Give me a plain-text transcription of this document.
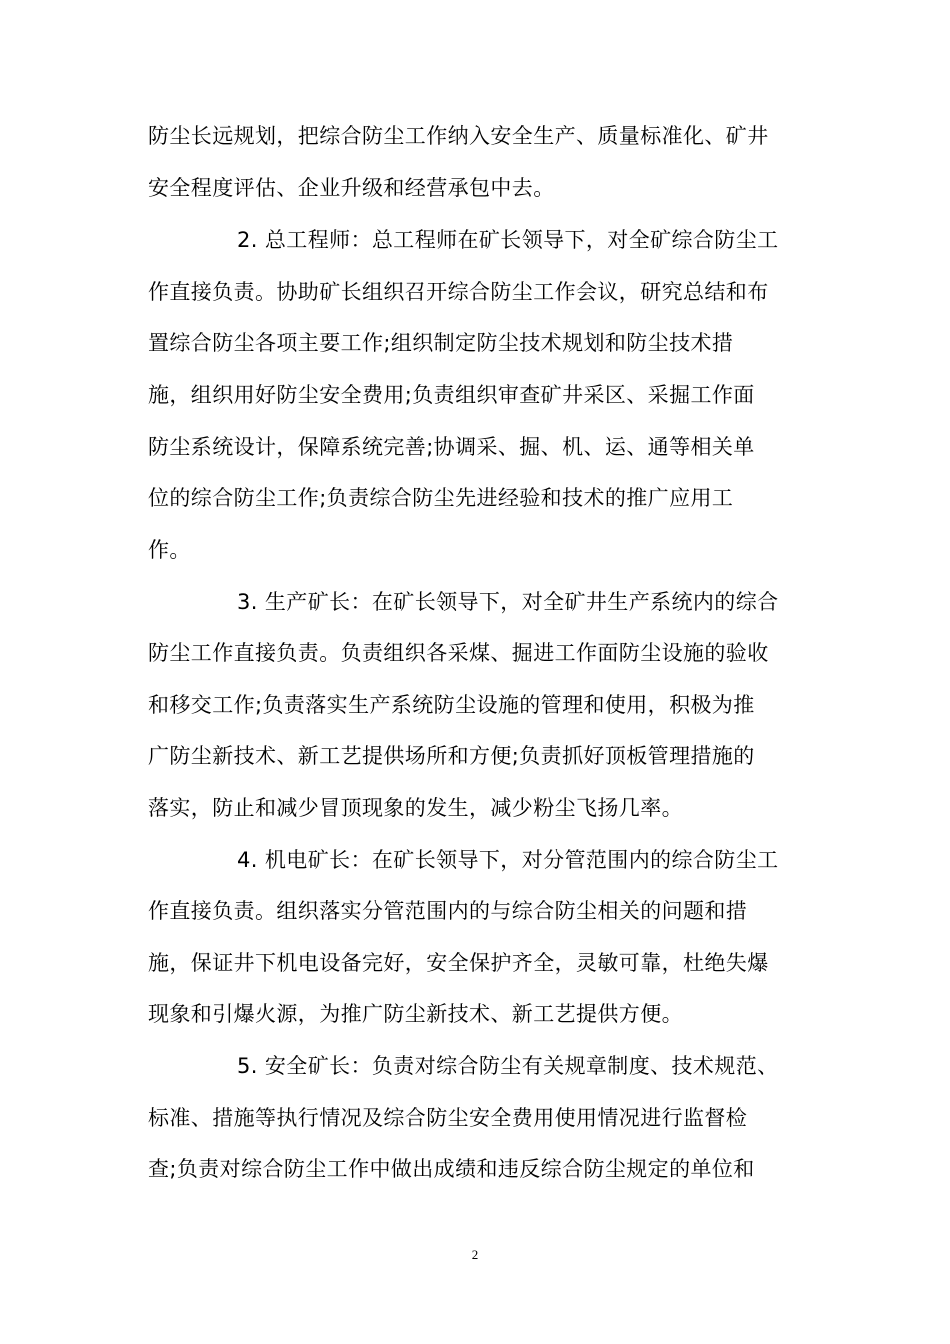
防尘长远规划，把综合防尘工作纳入安全生产、质量标准化、矿井
安全程度评估、企业升级和经营承包中去。
2. 总工程师：总工程师在矿长领导下，对全矿综合防尘工
作直接负责。协助矿长组织召开综合防尘工作会议，研究总结和布
置综合防尘各项主要工作;组织制定防尘技术规划和防尘技术措
施，组织用好防尘安全费用;负责组织审查矿井采区、采掘工作面
防尘系统设计，保障系统完善;协调采、掘、机、运、通等相关单
位的综合防尘工作;负责综合防尘先进经验和技术的推广应用工
作。
3. 生产矿长：在矿长领导下，对全矿井生产系统内的综合
防尘工作直接负责。负责组织各采煤、掘进工作面防尘设施的验收
和移交工作;负责落实生产系统防尘设施的管理和使用，积极为推
广防尘新技术、新工艺提供场所和方便;负责抓好顶板管理措施的
落实，防止和减少冒顶现象的发生，减少粉尘飞扬几率。
4. 机电矿长：在矿长领导下，对分管范围内的综合防尘工
作直接负责。组织落实分管范围内的与综合防尘相关的问题和措
施，保证井下机电设备完好，安全保护齐全，灵敏可靠，杜绝失爆
现象和引爆火源，为推广防尘新技术、新工艺提供方便。
5. 安全矿长：负责对综合防尘有关规章制度、技术规范、
标准、措施等执行情况及综合防尘安全费用使用情况进行监督检
查;负责对综合防尘工作中做出成绩和违反综合防尘规定的单位和
2
